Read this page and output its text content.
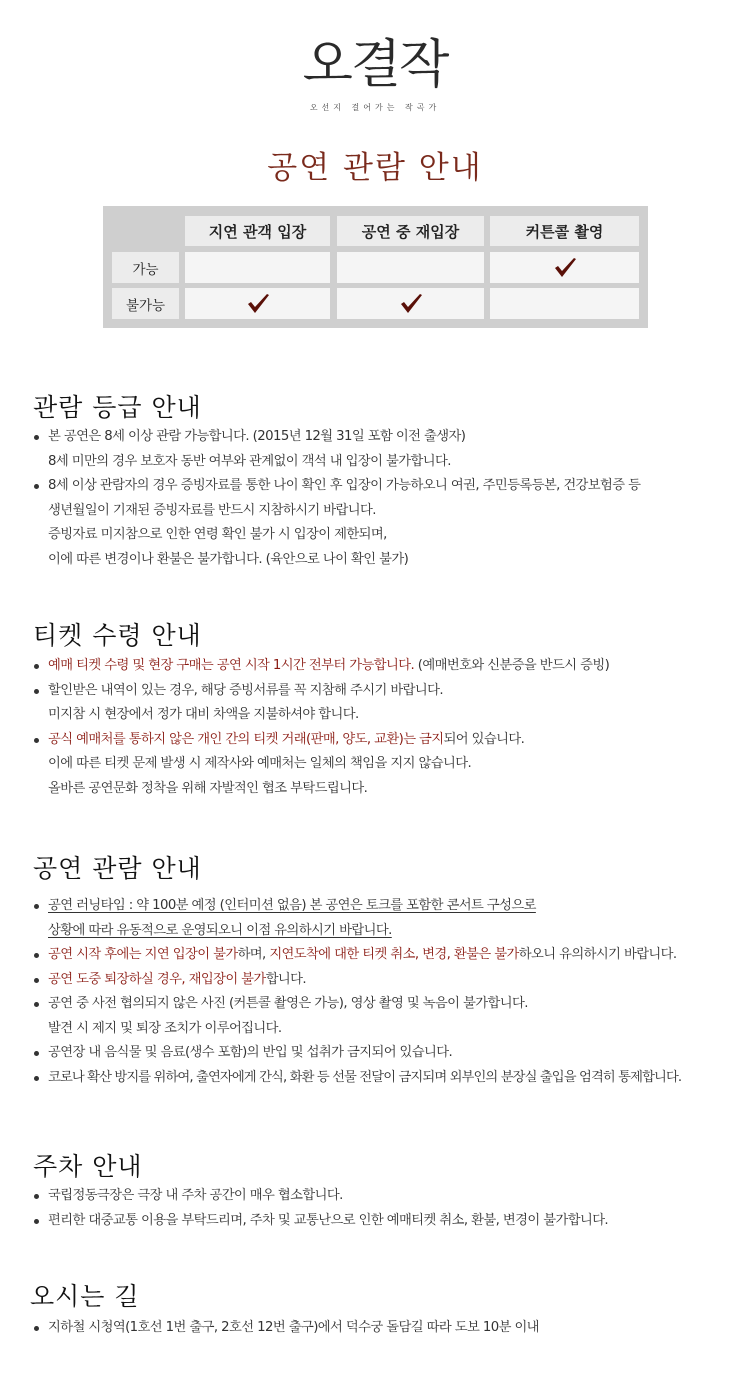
오결작
오선지 걸어가는 작곡가
공연 관람 안내
지연 관객 입장	공연 중 재입장	커튼콜 촬영
가능
불가능
관람 등급 안내
본 공연은 8세 이상 관람 가능합니다. (2015년 12월 31일 포함 이전 출생자)
8세 미만의 경우 보호자 동반 여부와 관계없이 객석 내 입장이 불가합니다.
8세 이상 관람자의 경우 증빙자료를 통한 나이 확인 후 입장이 가능하오니 여권, 주민등록등본, 건강보험증 등
생년월일이 기재된 증빙자료를 반드시 지참하시기 바랍니다.
증빙자료 미지참으로 인한 연령 확인 불가 시 입장이 제한되며,
이에 따른 변경이나 환불은 불가합니다. (육안으로 나이 확인 불가)
티켓 수령 안내
예매 티켓 수령 및 현장 구매는 공연 시작 1시간 전부터 가능합니다. (예매번호와 신분증을 반드시 증빙)
할인받은 내역이 있는 경우, 해당 증빙서류를 꼭 지참해 주시기 바랍니다.
미지참 시 현장에서 정가 대비 차액을 지불하셔야 합니다.
공식 예매처를 통하지 않은 개인 간의 티켓 거래(판매, 양도, 교환)는 금지되어 있습니다.
이에 따른 티켓 문제 발생 시 제작사와 예매처는 일체의 책임을 지지 않습니다.
올바른 공연문화 정착을 위해 자발적인 협조 부탁드립니다.
공연 관람 안내
공연 러닝타임 : 약 100분 예정 (인터미션 없음) 본 공연은 토크를 포함한 콘서트 구성으로
상황에 따라 유동적으로 운영되오니 이점 유의하시기 바랍니다.
공연 시작 후에는 지연 입장이 불가하며, 지연도착에 대한 티켓 취소, 변경, 환불은 불가하오니 유의하시기 바랍니다.
공연 도중 퇴장하실 경우, 재입장이 불가합니다.
공연 중 사전 협의되지 않은 사진 (커튼콜 촬영은 가능), 영상 촬영 및 녹음이 불가합니다.
발견 시 제지 및 퇴장 조치가 이루어집니다.
공연장 내 음식물 및 음료(생수 포함)의 반입 및 섭취가 금지되어 있습니다.
코로나 확산 방지를 위하여, 출연자에게 간식, 화환 등 선물 전달이 금지되며 외부인의 분장실 출입을 엄격히 통제합니다.
주차 안내
국립정동극장은 극장 내 주차 공간이 매우 협소합니다.
편리한 대중교통 이용을 부탁드리며, 주차 및 교통난으로 인한 예매티켓 취소, 환불, 변경이 불가합니다.
오시는 길
지하철 시청역(1호선 1번 출구, 2호선 12번 출구)에서 덕수궁 돌담길 따라 도보 10분 이내
